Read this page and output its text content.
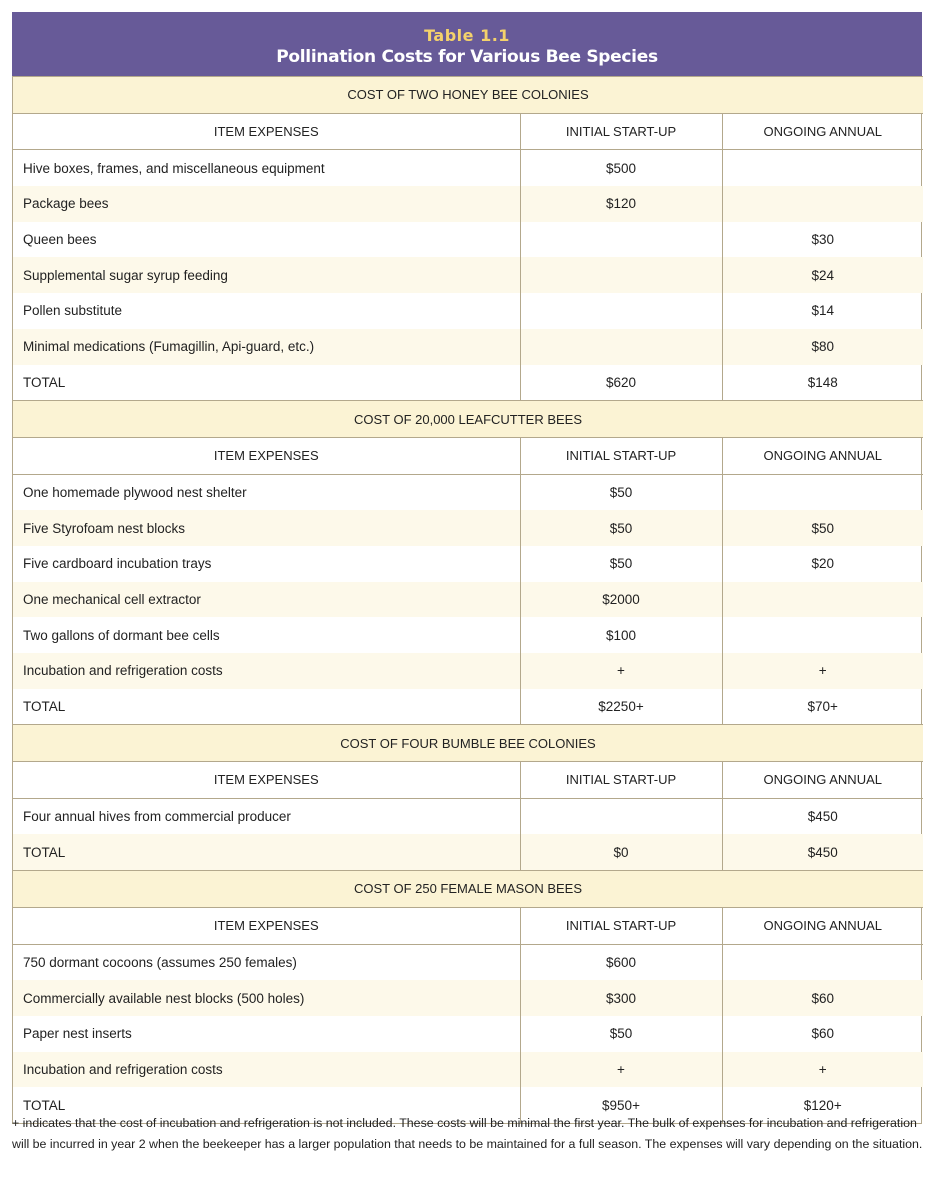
Table 1.1
Pollination Costs for Various Bee Species
COST OF TWO HONEY BEE COLONIES		
ITEM EXPENSES	INITIAL START-UP	ONGOING ANNUAL
Hive boxes, frames, and miscellaneous equipment	$500	
Package bees	$120	
Queen bees		$30
Supplemental sugar syrup feeding		$24
Pollen substitute		$14
Minimal medications (Fumagillin, Api-guard, etc.)		$80
TOTAL	$620	$148
COST OF 20,000 LEAFCUTTER BEES		
ITEM EXPENSES	INITIAL START-UP	ONGOING ANNUAL
One homemade plywood nest shelter	$50	
Five Styrofoam nest blocks	$50	$50
Five cardboard incubation trays	$50	$20
One mechanical cell extractor	$2000	
Two gallons of dormant bee cells	$100	
Incubation and refrigeration costs	+	+
TOTAL	$2250+	$70+
COST OF FOUR BUMBLE BEE COLONIES		
ITEM EXPENSES	INITIAL START-UP	ONGOING ANNUAL
Four annual hives from commercial producer		$450
TOTAL	$0	$450
COST OF 250 FEMALE MASON BEES		
ITEM EXPENSES	INITIAL START-UP	ONGOING ANNUAL
750 dormant cocoons (assumes 250 females)	$600	
Commercially available nest blocks (500 holes)	$300	$60
Paper nest inserts	$50	$60
Incubation and refrigeration costs	+	+
TOTAL	$950+	$120+
+ indicates that the cost of incubation and refrigeration is not included. These costs will be minimal the first year. The bulk of expenses for incubation and refrigeration will be incurred in year 2 when the beekeeper has a larger population that needs to be maintained for a full season. The expenses will vary depending on the situation.
